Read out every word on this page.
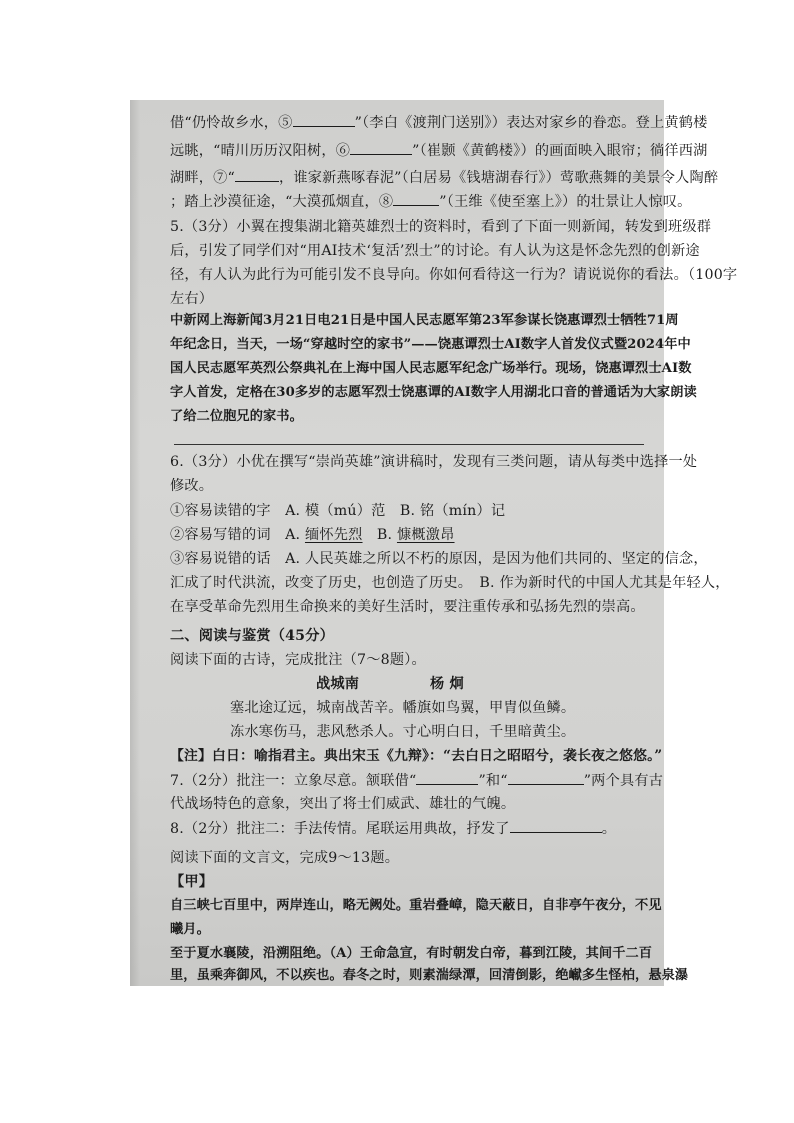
借“仍怜故乡水，⑤	”（李白《渡荆门送别》）表达对家乡的眷恋。登上黄鹤楼
远眺，“晴川历历汉阳树，⑥	”（崔颢《黄鹤楼》）的画面映入眼帘；徜徉西湖
湖畔，⑦“	，谁家新燕啄春泥”（白居易《钱塘湖春行》）莺歌燕舞的美景令人陶醉
；踏上沙漠征途，“大漠孤烟直，⑧	”（王维《使至塞上》）的壮景让人惊叹。
5.（3分）小翼在搜集湖北籍英雄烈士的资料时，看到了下面一则新闻，转发到班级群
后，引发了同学们对“用AI技术‘复活’烈士”的讨论。有人认为这是怀念先烈的创新途
径，有人认为此行为可能引发不良导向。你如何看待这一行为？请说说你的看法。（100字
左右）
中新网上海新闻3月21日电21日是中国人民志愿军第23军参谋长饶惠谭烈士牺牲71周
年纪念日，当天，一场“穿越时空的家书”——饶惠谭烈士AI数字人首发仪式暨2024年中
国人民志愿军英烈公祭典礼在上海中国人民志愿军纪念广场举行。现场，饶惠谭烈士AI数
字人首发，定格在30多岁的志愿军烈士饶惠谭的AI数字人用湖北口音的普通话为大家朗读
了给二位胞兄的家书。
6.（3分）小优在撰写“崇尚英雄”演讲稿时，发现有三类问题，请从每类中选择一处
修改。
①容易读错的字　A. 模（mú）范　B. 铭（mín）记
②容易写错的词　A. 缅怀先烈　B. 慷概激昂
③容易说错的话　A. 人民英雄之所以不朽的原因，是因为他们共同的、坚定的信念，
汇成了时代洪流，改变了历史，也创造了历史。　B. 作为新时代的中国人尤其是年轻人，
在享受革命先烈用生命换来的美好生活时，要注重传承和弘扬先烈的崇高。
二、阅读与鉴赏（45分）
阅读下面的古诗，完成批注（7～8题）。
战城南	杨 炯
塞北途辽远，城南战苦辛。幡旗如鸟翼，甲胄似鱼鳞。
冻水寒伤马，悲风愁杀人。寸心明白日，千里暗黄尘。
【注】白日：喻指君主。典出宋玉《九辩》：“去白日之昭昭兮，袭长夜之悠悠。”
7.（2分）批注一：立象尽意。颔联借“	”和“	”两个具有古
代战场特色的意象，突出了将士们威武、雄壮的气魄。
8.（2分）批注二：手法传情。尾联运用典故，抒发了	。
阅读下面的文言文，完成9～13题。
【甲】
自三峡七百里中，两岸连山，略无阙处。重岩叠嶂，隐天蔽日，自非亭午夜分，不见
曦月。
至于夏水襄陵，沿溯阻绝。（A）王命急宣，有时朝发白帝，暮到江陵，其间千二百
里，虽乘奔御风，不以疾也。春冬之时，则素湍绿潭，回清倒影，绝𪩘多生怪柏，悬泉瀑
